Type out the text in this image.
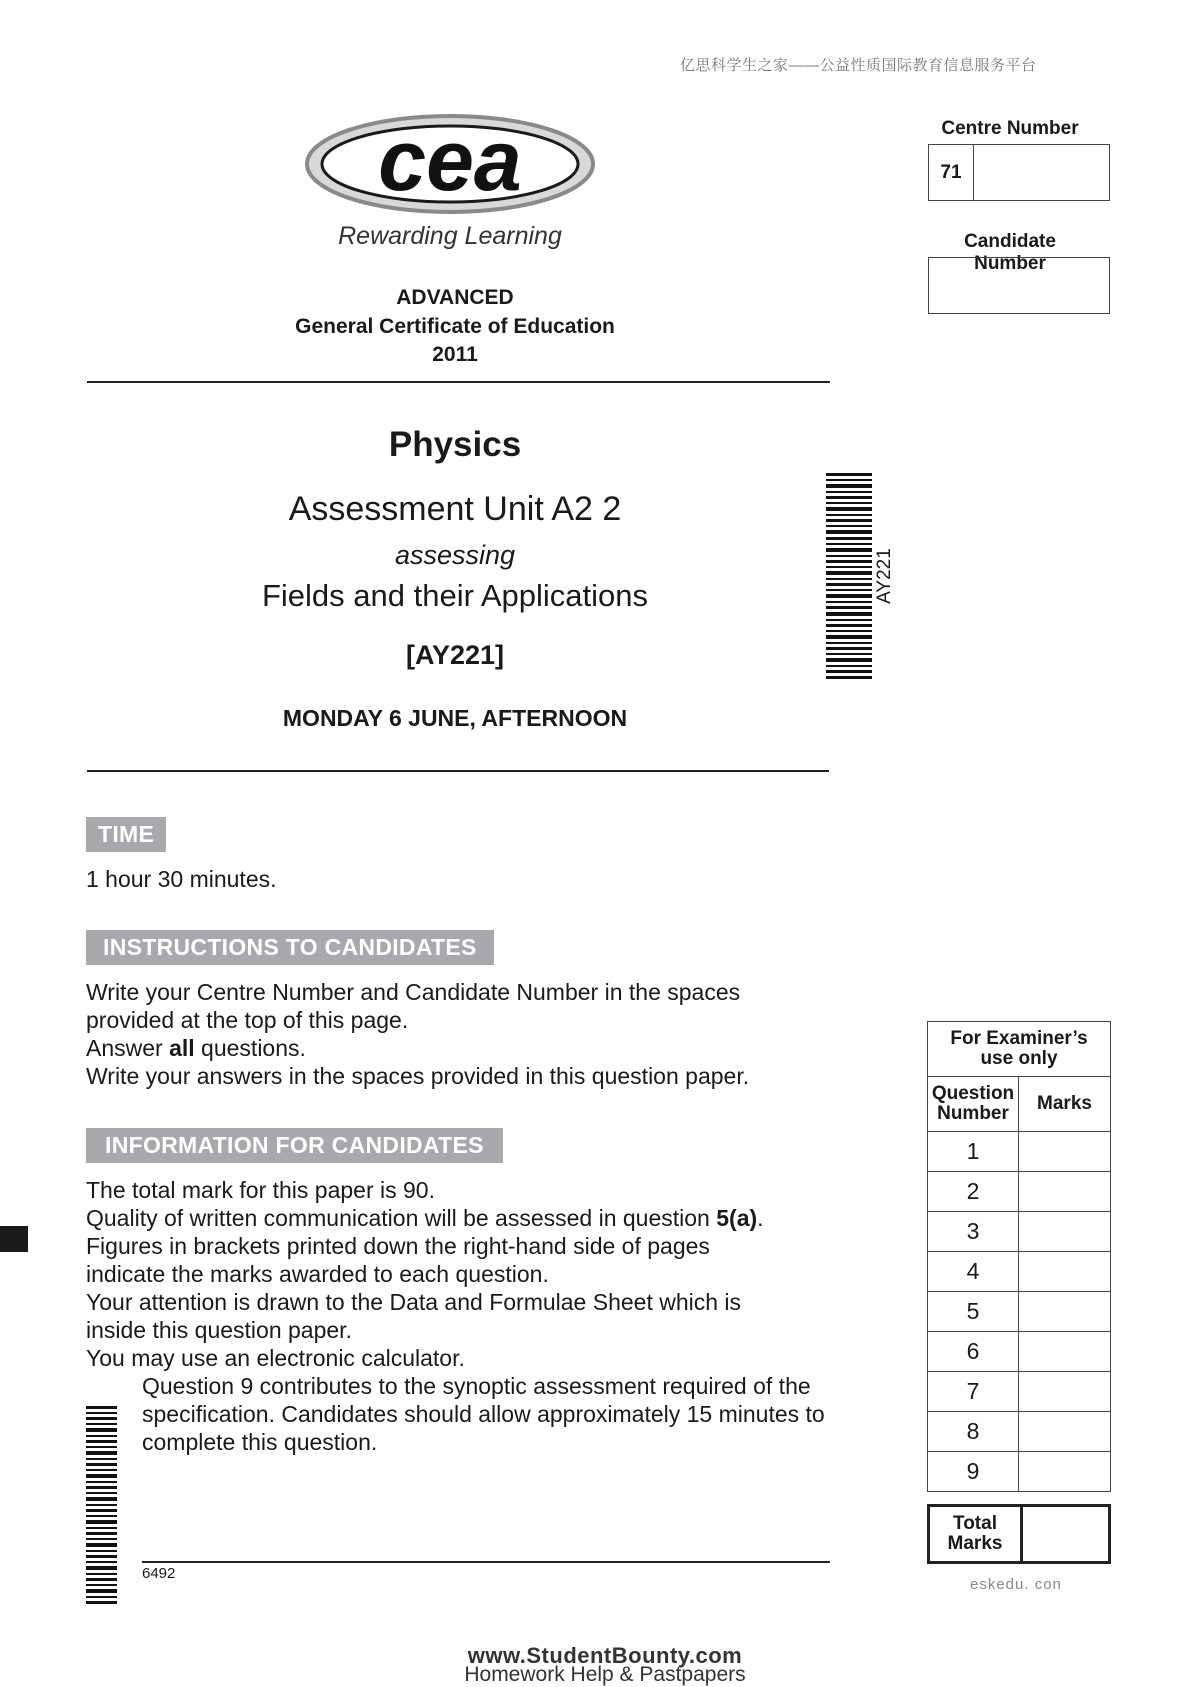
亿思科学生之家——公益性质国际教育信息服务平台
cea
Rewarding Learning
ADVANCED
General Certificate of Education
2011
Centre Number
71
Candidate Number
Physics
Assessment Unit A2 2
assessing
Fields and their Applications
[AY221]
MONDAY 6 JUNE, AFTERNOON
AY221
TIME
1 hour 30 minutes.
INSTRUCTIONS TO CANDIDATES
Write your Centre Number and Candidate Number in the spaces
provided at the top of this page.
Answer all questions.
Write your answers in the spaces provided in this question paper.
INFORMATION FOR CANDIDATES
The total mark for this paper is 90.
Quality of written communication will be assessed in question 5(a).
Figures in brackets printed down the right-hand side of pages
indicate the marks awarded to each question.
Your attention is drawn to the Data and Formulae Sheet which is
inside this question paper.
You may use an electronic calculator.
Question 9 contributes to the synoptic assessment required of the
specification. Candidates should allow approximately 15 minutes to
complete this question.
6492
For Examiner’s
use only	

Question
Number	Marks
1	
2	
3	
4	
5	
6	
7	
8	
9	
Total
Marks

eskedu. con
www.StudentBounty.com
Homework Help & Pastpapers
